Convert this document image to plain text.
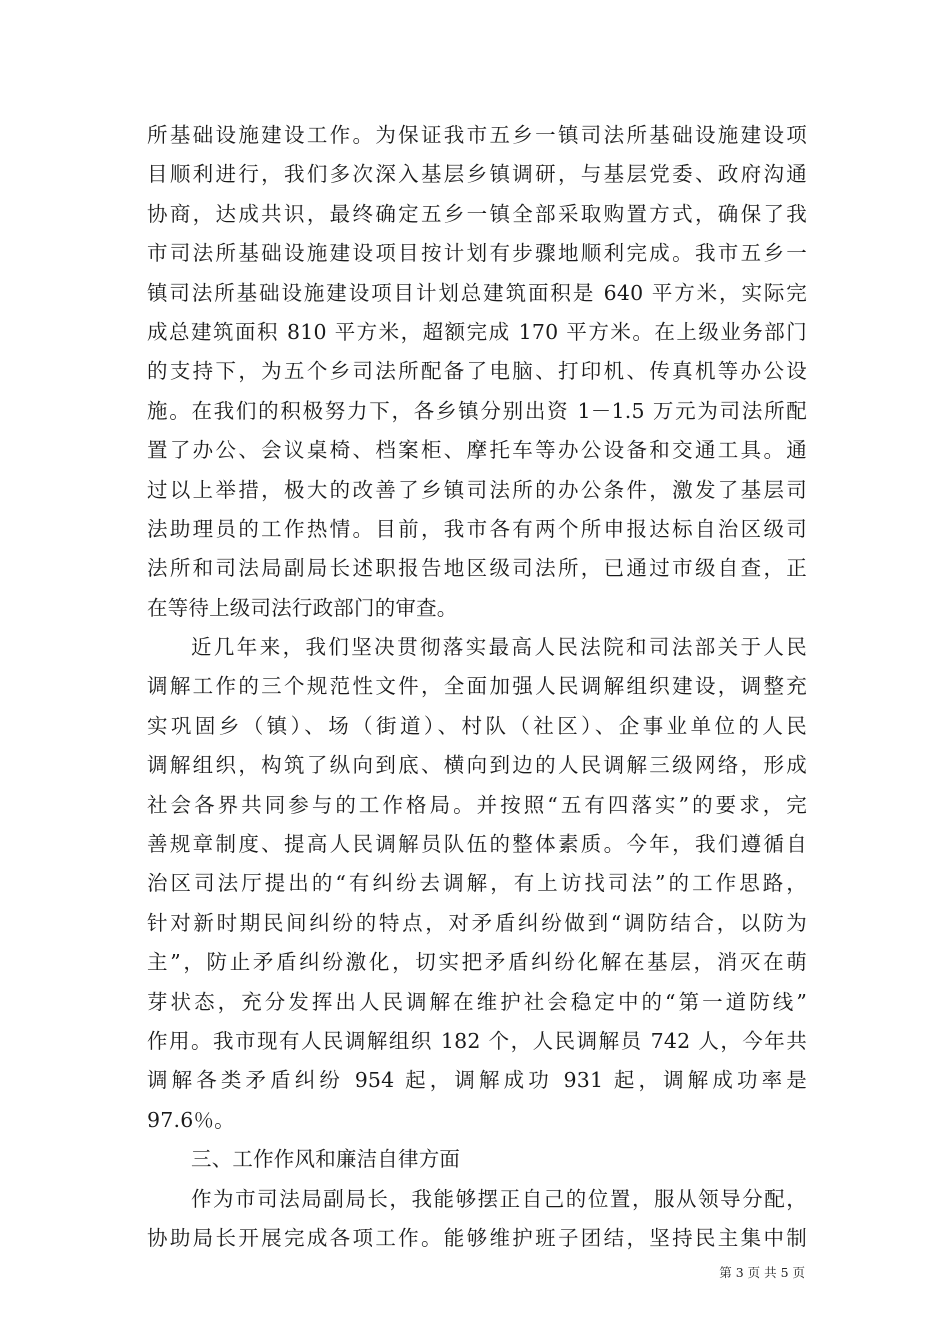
所基础设施建设工作。为保证我市五乡一镇司法所基础设施建设项
目顺利进行，我们多次深入基层乡镇调研，与基层党委、政府沟通
协商，达成共识，最终确定五乡一镇全部采取购置方式，确保了我
市司法所基础设施建设项目按计划有步骤地顺利完成。我市五乡一
镇司法所基础设施建设项目计划总建筑面积是 640 平方米，实际完
成总建筑面积 810 平方米，超额完成 170 平方米。在上级业务部门
的支持下，为五个乡司法所配备了电脑、打印机、传真机等办公设
施。在我们的积极努力下，各乡镇分别出资 1－1.5 万元为司法所配
置了办公、会议桌椅、档案柜、摩托车等办公设备和交通工具。通
过以上举措，极大的改善了乡镇司法所的办公条件，激发了基层司
法助理员的工作热情。目前，我市各有两个所申报达标自治区级司
法所和司法局副局长述职报告地区级司法所，已通过市级自查，正
在等待上级司法行政部门的审查。
近几年来，我们坚决贯彻落实最高人民法院和司法部关于人民
调解工作的三个规范性文件，全面加强人民调解组织建设，调整充
实巩固乡（镇）、场（街道）、村队（社区）、企事业单位的人民
调解组织，构筑了纵向到底、横向到边的人民调解三级网络，形成
社会各界共同参与的工作格局。并按照“五有四落实”的要求，完
善规章制度、提高人民调解员队伍的整体素质。今年，我们遵循自
治区司法厅提出的“有纠纷去调解，有上访找司法”的工作思路，
针对新时期民间纠纷的特点，对矛盾纠纷做到“调防结合，以防为
主”，防止矛盾纠纷激化，切实把矛盾纠纷化解在基层，消灭在萌
芽状态，充分发挥出人民调解在维护社会稳定中的“第一道防线”
作用。我市现有人民调解组织 182 个，人民调解员 742 人，今年共
调解各类矛盾纠纷 954 起，调解成功 931 起，调解成功率是
97.6％。
三、工作作风和廉洁自律方面
作为市司法局副局长，我能够摆正自己的位置，服从领导分配，
协助局长开展完成各项工作。能够维护班子团结，坚持民主集中制
第 3 页 共 5 页
